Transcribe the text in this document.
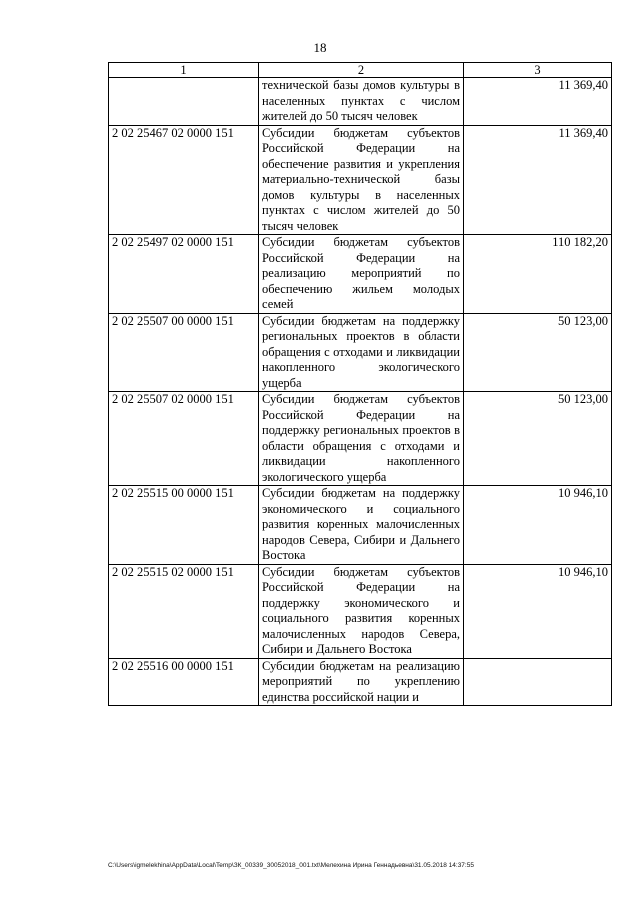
18
1	2	3

	технической базы домов культуры в населенных пунктах с числом жителей до 50 тысяч человек	11 369,40
2 02 25467 02 0000 151	Субсидии бюджетам субъектов Российской Федерации на обеспечение развития и укрепления материально-технической базы домов культуры в населенных пунктах с числом жителей до 50 тысяч человек	11 369,40
2 02 25497 02 0000 151	Субсидии бюджетам субъектов Российской Федерации на реализацию мероприятий по обеспечению жильем молодых семей	110 182,20
2 02 25507 00 0000 151	Субсидии бюджетам на поддержку региональных проектов в области обращения с отходами и ликвидации накопленного экологического ущерба	50 123,00
2 02 25507 02 0000 151	Субсидии бюджетам субъектов Российской Федерации на поддержку региональных проектов в области обращения с отходами и ликвидации накопленного экологического ущерба	50 123,00
2 02 25515 00 0000 151	Субсидии бюджетам на поддержку экономического и социального развития коренных малочисленных народов Севера, Сибири и Дальнего Востока	10 946,10
2 02 25515 02 0000 151	Субсидии бюджетам субъектов Российской Федерации на поддержку экономического и социального развития коренных малочисленных народов Севера, Сибири и Дальнего Востока	10 946,10
2 02 25516 00 0000 151	Субсидии бюджетам на реализацию мероприятий по укреплению единства российской нации и	

C:\Users\igmelekhina\AppData\Local\Temp\ЗК_00339_30052018_001.txt\Мелехина Ирина Геннадьевна\31.05.2018 14:37:55
